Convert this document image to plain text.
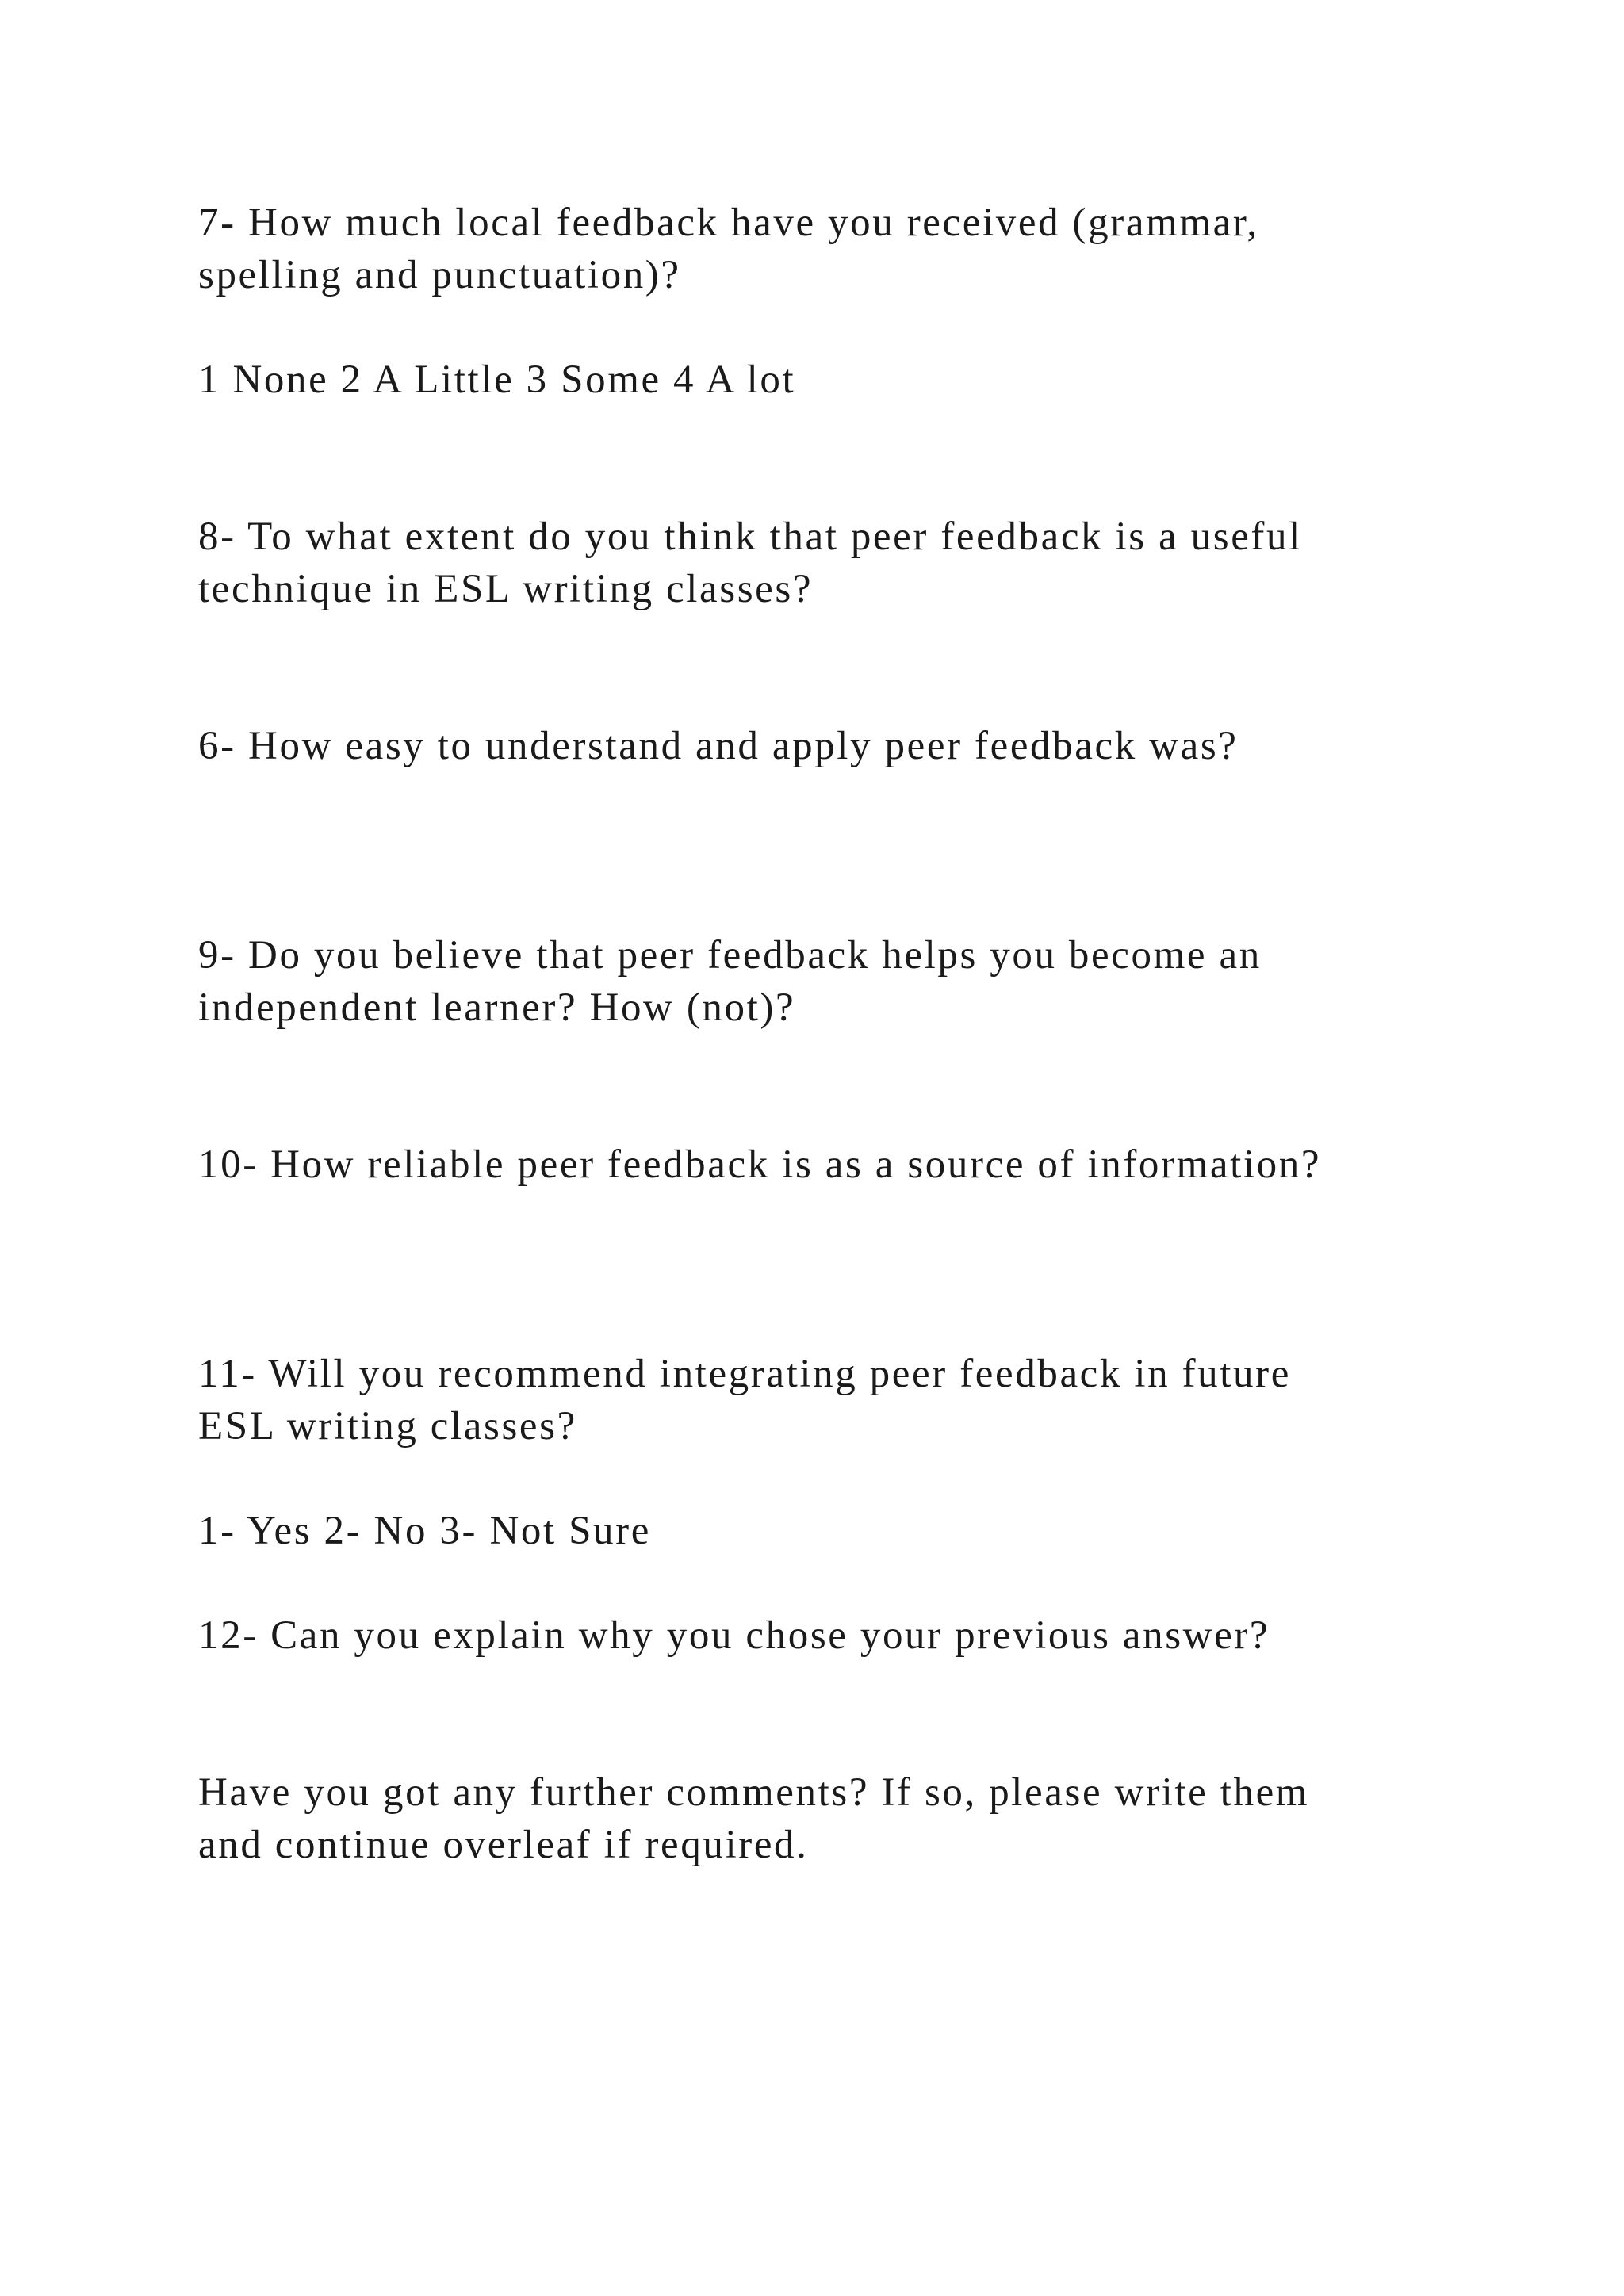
7- How much local feedback have you received (grammar,

spelling and punctuation)?

1 None 2 A Little 3 Some 4 A lot

8- To what extent do you think that peer feedback is a useful

technique in ESL writing classes?

6- How easy to understand and apply peer feedback was?

9- Do you believe that peer feedback helps you become an

independent learner? How (not)?

10- How reliable peer feedback is as a source of information?

11- Will you recommend integrating peer feedback in future

ESL writing classes?

1- Yes 2- No 3- Not Sure

12- Can you explain why you chose your previous answer?

Have you got any further comments? If so, please write them

and continue overleaf if required.
